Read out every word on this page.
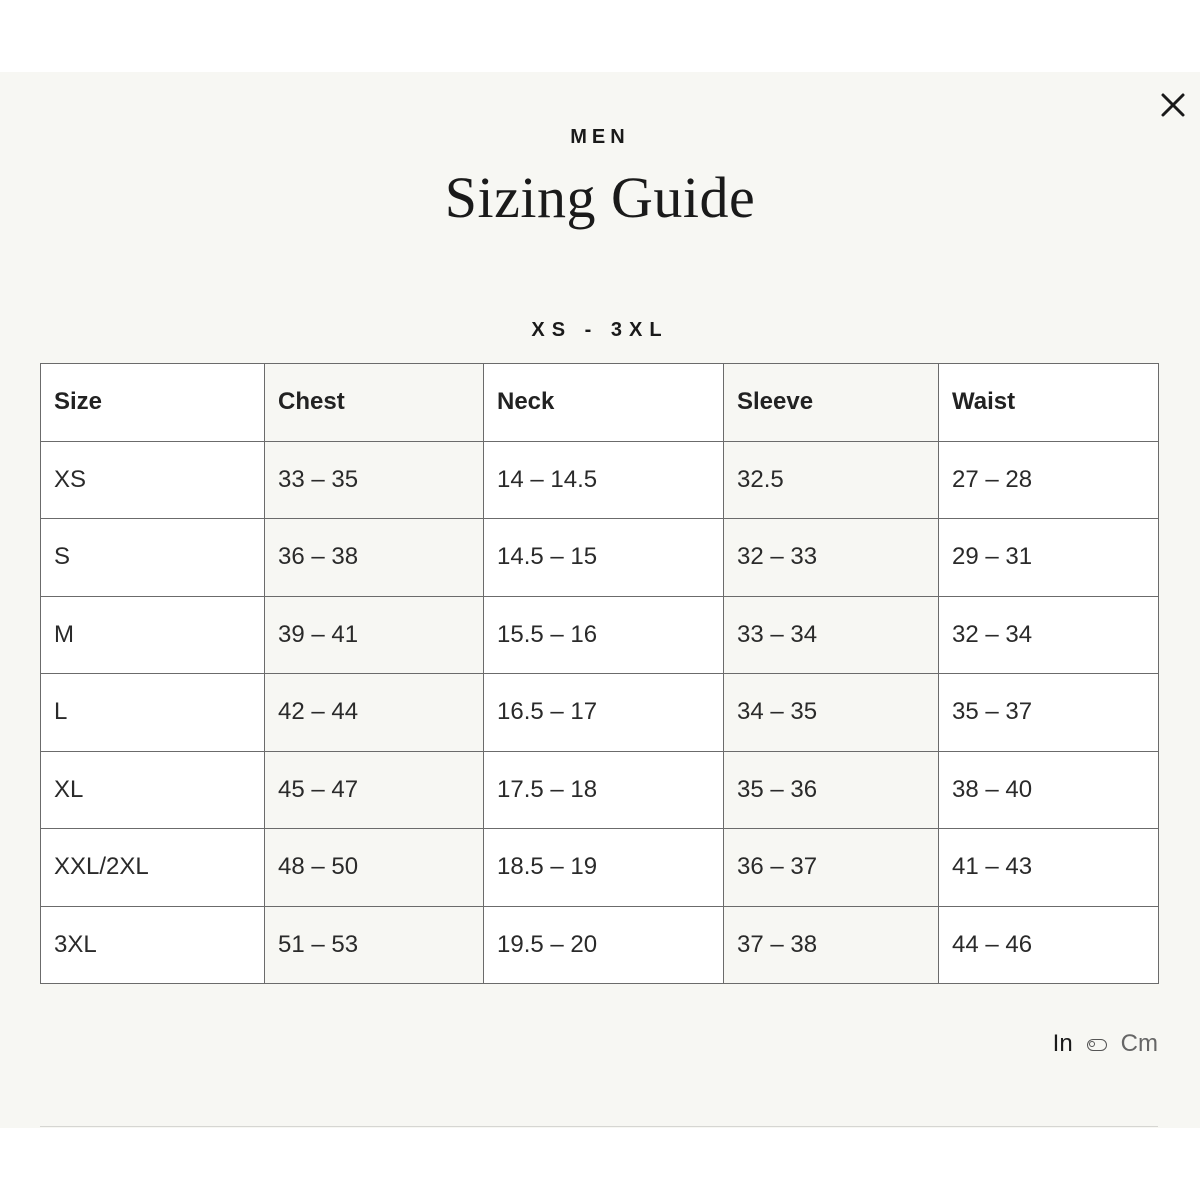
MEN
Sizing Guide
XS - 3XL
Size	Chest	Neck	Sleeve	Waist
XS	33 – 35	14 – 14.5	32.5	27 – 28
S	36 – 38	14.5 – 15	32 – 33	29 – 31
M	39 – 41	15.5 – 16	33 – 34	32 – 34
L	42 – 44	16.5 – 17	34 – 35	35 – 37
XL	45 – 47	17.5 – 18	35 – 36	38 – 40
XXL/2XL	48 – 50	18.5 – 19	36 – 37	41 – 43
3XL	51 – 53	19.5 – 20	37 – 38	44 – 46
In Cm
